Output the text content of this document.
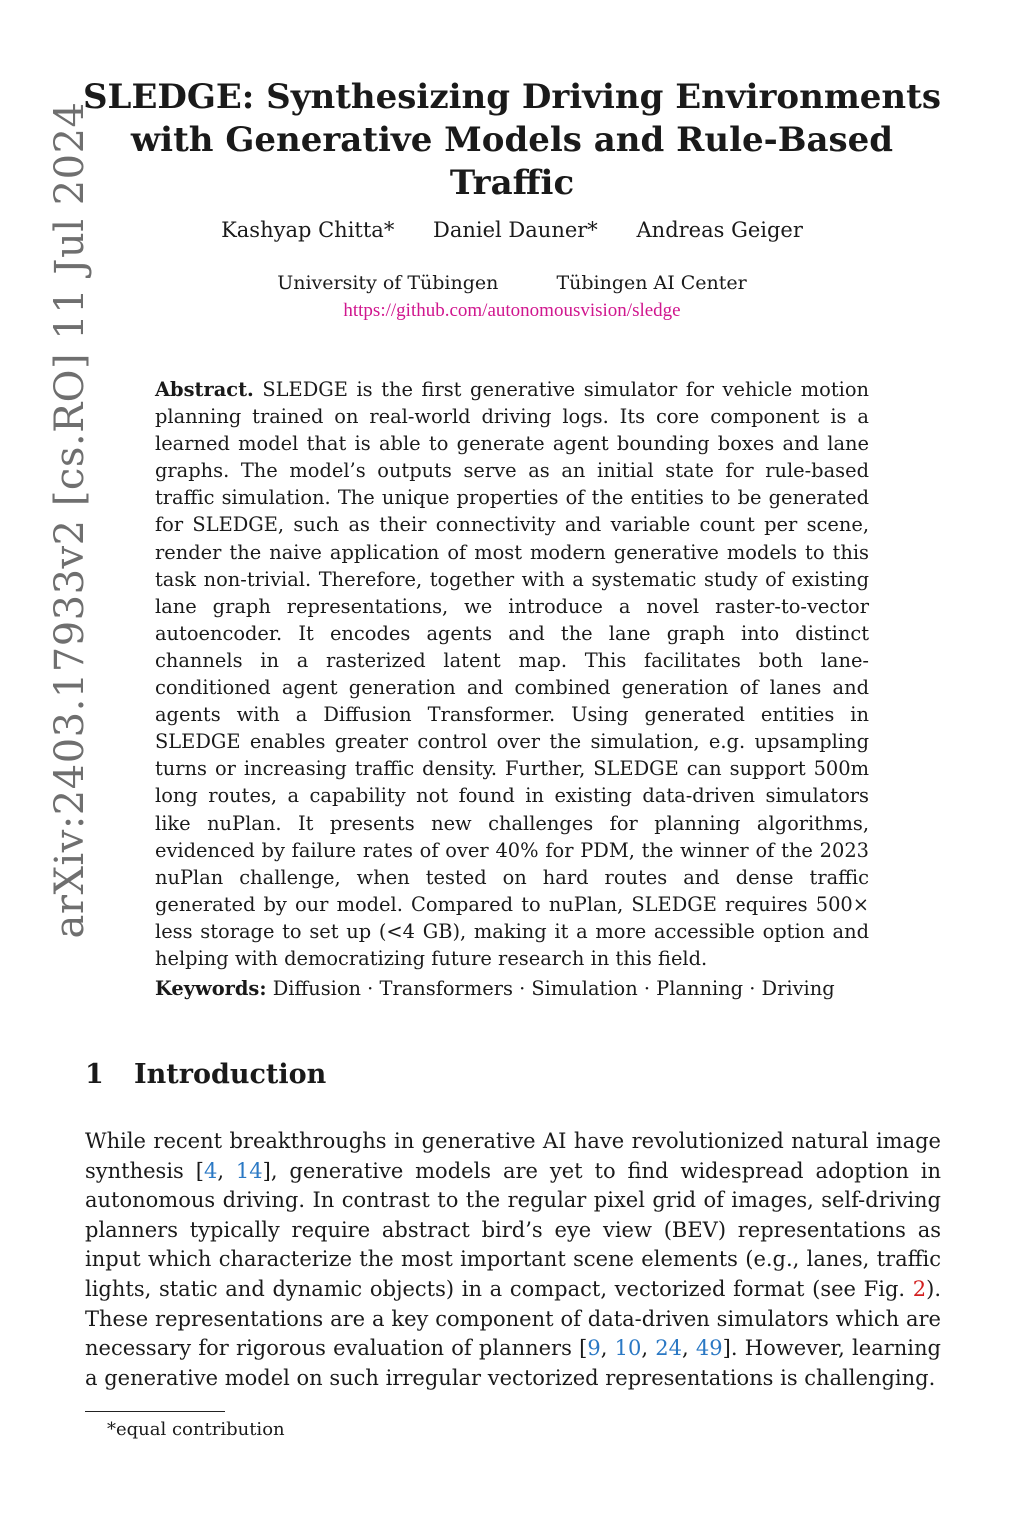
arXiv:2403.17933v2 [cs.RO] 11 Jul 2024
SLEDGE: Synthesizing Driving Environments
with Generative Models and Rule-Based Traffic
Kashyap Chitta* Daniel Dauner* Andreas Geiger
University of Tübingen	Tübingen AI Center
https://github.com/autonomousvision/sledge

Abstract. SLEDGE is the first generative simulator for vehicle motion planning trained on real-world driving logs. Its core component is a learned model that is able to generate agent bounding boxes and lane graphs. The model’s outputs serve as an initial state for rule-based traffic simulation. The unique properties of the entities to be generated for SLEDGE, such as their connectivity and variable count per scene, render the naive application of most modern generative models to this task non-trivial. Therefore, together with a systematic study of existing lane graph representations, we introduce a novel raster-to-vector autoencoder. It encodes agents and the lane graph into distinct channels in a rasterized latent map. This facilitates both lane-conditioned agent generation and combined generation of lanes and agents with a Diffusion Transformer. Using generated entities in SLEDGE enables greater control over the simulation, e.g. upsampling turns or increasing traffic density. Further, SLEDGE can support 500m long routes, a capability not found in existing data-driven simulators like nuPlan. It presents new challenges for planning algorithms, evidenced by failure rates of over 40% for PDM, the winner of the 2023 nuPlan challenge, when tested on hard routes and dense traffic generated by our model. Compared to nuPlan, SLEDGE requires 500× less storage to set up (<4 GB), making it a more accessible option and helping with democratizing future research in this field.

Keywords: Diffusion · Transformers · Simulation · Planning · Driving
1 Introduction

While recent breakthroughs in generative AI have revolutionized natural image synthesis [4, 14], generative models are yet to find widespread adoption in autonomous driving. In contrast to the regular pixel grid of images, self-driving planners typically require abstract bird’s eye view (BEV) representations as input which characterize the most important scene elements (e.g., lanes, traffic lights, static and dynamic objects) in a compact, vectorized format (see Fig. 2). These representations are a key component of data-driven simulators which are necessary for rigorous evaluation of planners [9, 10, 24, 49]. However, learning a generative model on such irregular vectorized representations is challenging.

*equal contribution
